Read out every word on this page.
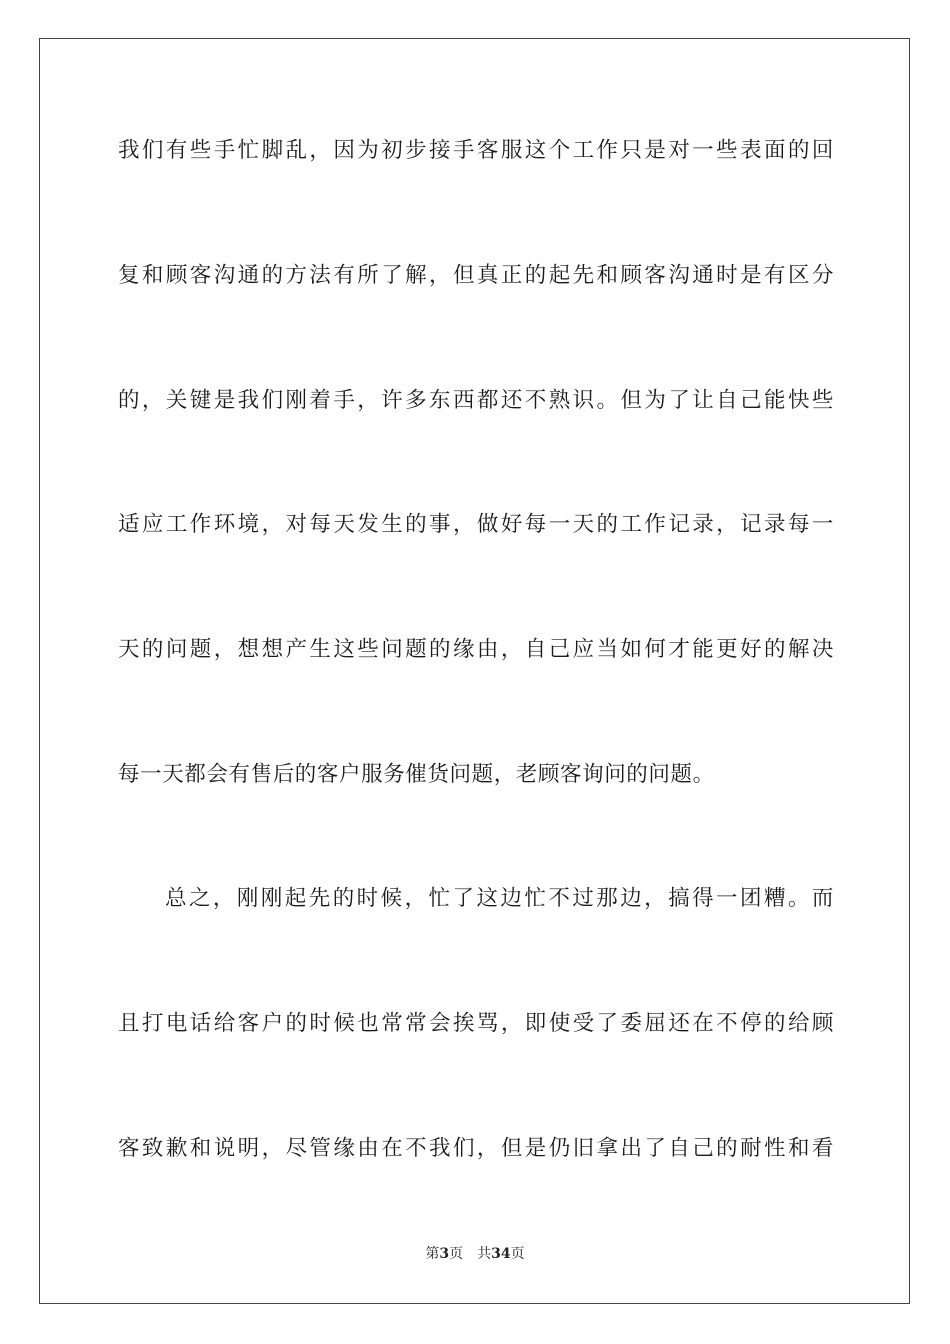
我们有些手忙脚乱，因为初步接手客服这个工作只是对一些表面的回
复和顾客沟通的方法有所了解，但真正的起先和顾客沟通时是有区分
的，关键是我们刚着手，许多东西都还不熟识。但为了让自己能快些
适应工作环境，对每天发生的事，做好每一天的工作记录，记录每一
天的问题，想想产生这些问题的缘由，自己应当如何才能更好的解决
每一天都会有售后的客户服务催货问题，老顾客询问的问题。
总之，刚刚起先的时候，忙了这边忙不过那边，搞得一团糟。而
且打电话给客户的时候也常常会挨骂，即使受了委屈还在不停的给顾
客致歉和说明，尽管缘由在不我们，但是仍旧拿出了自己的耐性和看
第3页 共34页
